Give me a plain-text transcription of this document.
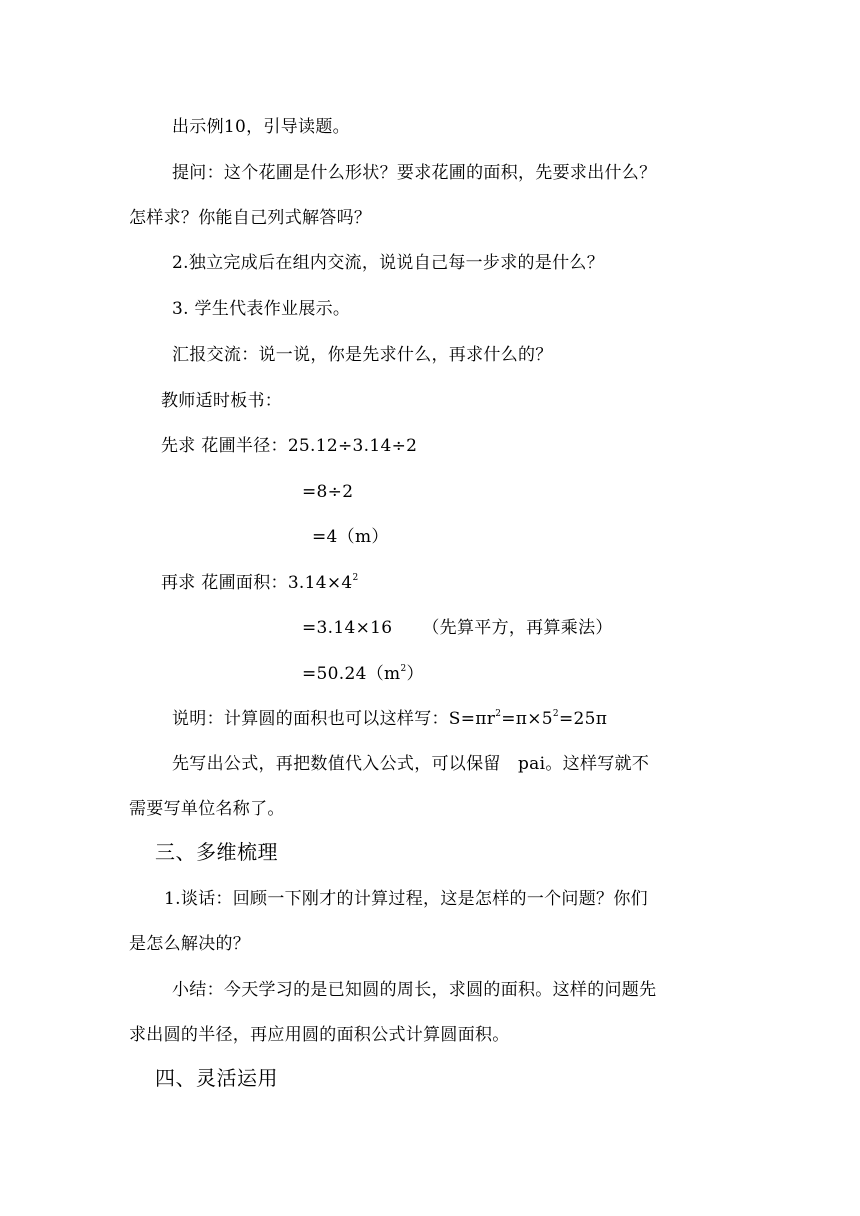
出示例10，引导读题。
提问：这个花圃是什么形状？要求花圃的面积，先要求出什么？
怎样求？你能自己列式解答吗？
2.独立完成后在组内交流，说说自己每一步求的是什么？
3. 学生代表作业展示。
汇报交流：说一说，你是先求什么，再求什么的？
教师适时板书：
先求 花圃半径：25.12÷3.14÷2
=8÷2
=4（m）
再求 花圃面积：$3.14\times 4^2$
=3.14×16 （先算平方，再算乘法）
$=50.24(m^2)$
说明：计算圆的面积也可以这样写：$S=\pi r^2=\pi\times 5^2=25\pi$
先写出公式，再把数值代入公式，可以保留　pai。这样写就不
需要写单位名称了。
三、多维梳理
1.谈话：回顾一下刚才的计算过程，这是怎样的一个问题？你们
是怎么解决的？
小结：今天学习的是已知圆的周长，求圆的面积。这样的问题先
求出圆的半径，再应用圆的面积公式计算圆面积。
四、灵活运用
